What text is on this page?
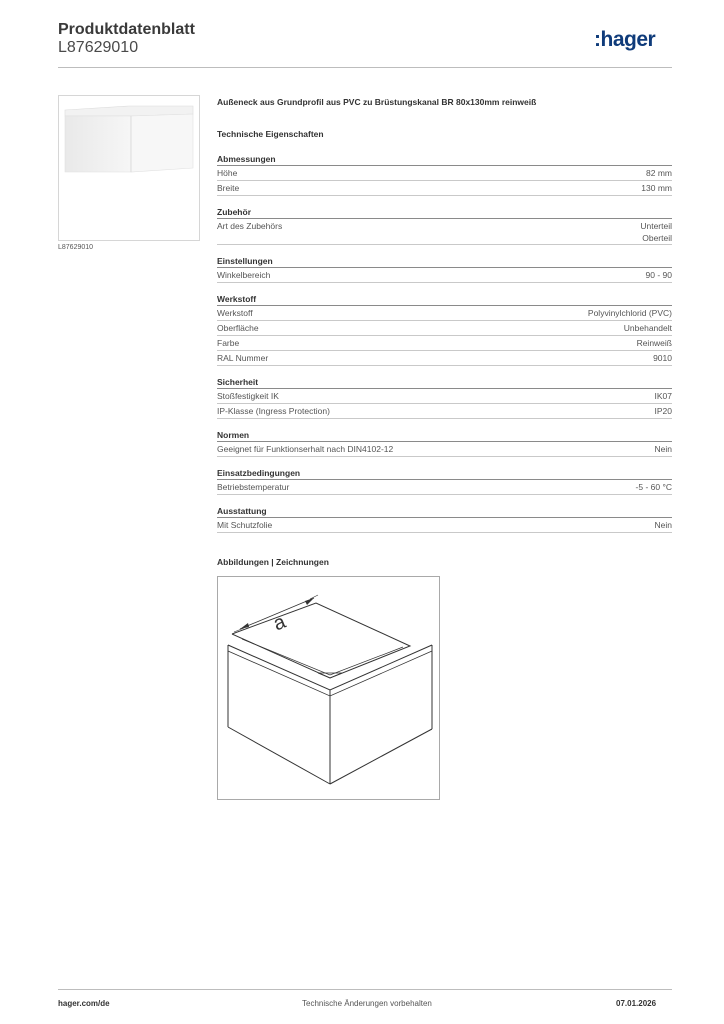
Produktdatenblatt
L87629010	:hager
L87629010
Außeneck aus Grundprofil aus PVC zu Brüstungskanal BR 80x130mm reinweiß
Technische Eigenschaften
Abmessungen
Höhe	82 mm
Breite	130 mm
Zubehör
Art des Zubehörs	Unterteil
Oberteil
Einstellungen
Winkelbereich	90 - 90
Werkstoff
Werkstoff	Polyvinylchlorid (PVC)
Oberfläche	Unbehandelt
Farbe	Reinweiß
RAL Nummer	9010
Sicherheit
Stoßfestigkeit IK	IK07
IP-Klasse (Ingress Protection)	IP20
Normen
Geeignet für Funktionserhalt nach DIN4102-12	Nein
Einsatzbedingungen
Betriebstemperatur	-5 - 60 °C
Ausstattung
Mit Schutzfolie	Nein
Abbildungen | Zeichnungen
a
hager.com/de	Technische Änderungen vorbehalten	07.01.2026
